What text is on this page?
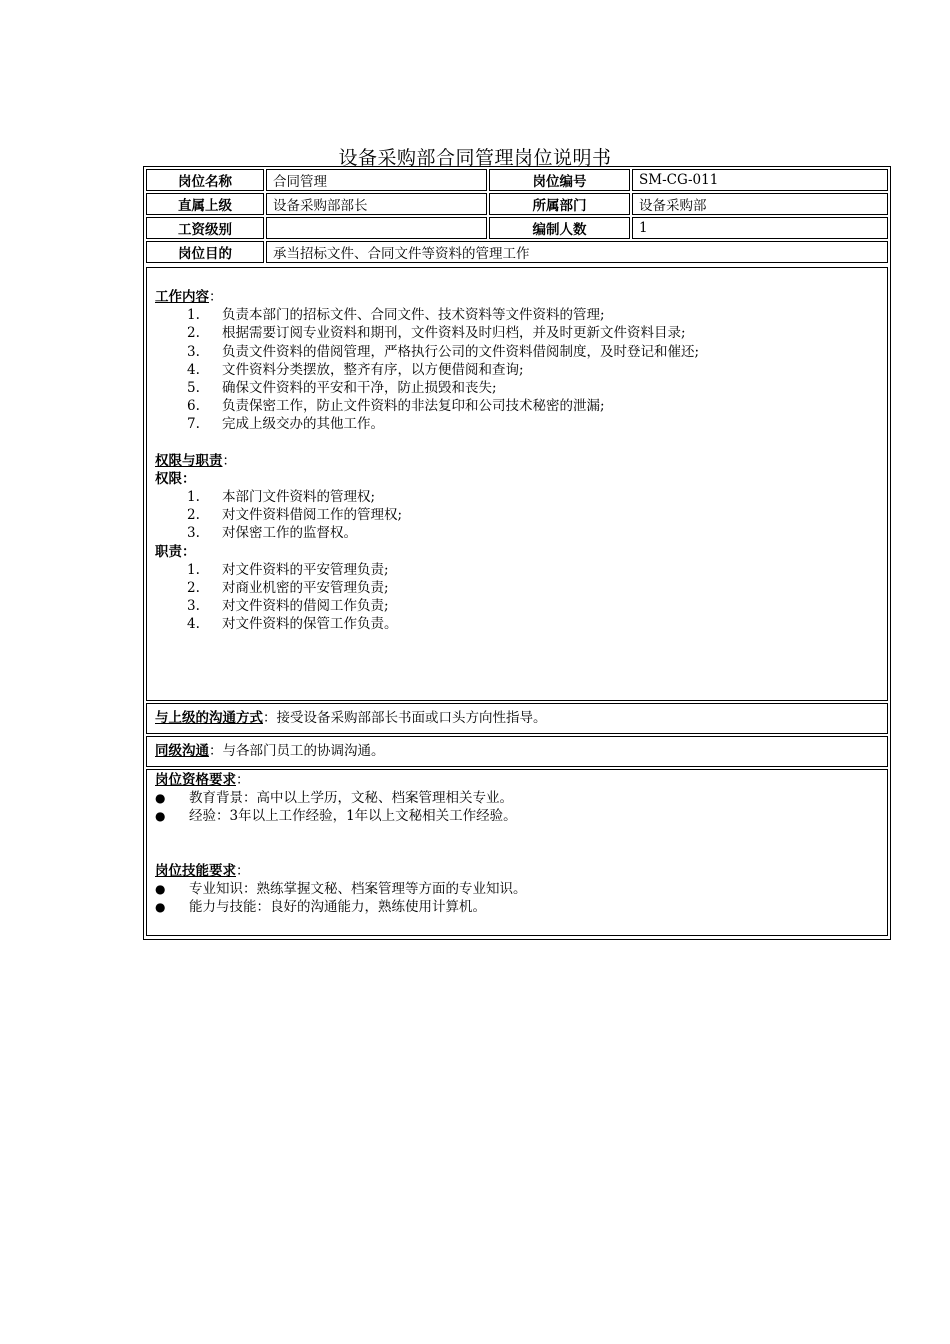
设备采购部合同管理岗位说明书
岗位名称	合同管理	岗位编号	SM-CG-011
直属上级	设备采购部部长	所属部门	设备采购部
工资级别		编制人数	1
岗位目的	承当招标文件、合同文件等资料的管理工作		
工作内容：
1. 负责本部门的招标文件、合同文件、技术资料等文件资料的管理;
2. 根据需要订阅专业资料和期刊，文件资料及时归档，并及时更新文件资料目录;
3. 负责文件资料的借阅管理，严格执行公司的文件资料借阅制度，及时登记和催还;
4. 文件资料分类摆放，整齐有序，以方便借阅和查询;
5. 确保文件资料的平安和干净，防止损毁和丧失;
6. 负责保密工作，防止文件资料的非法复印和公司技术秘密的泄漏;
7. 完成上级交办的其他工作。
权限与职责：
权限：
1. 本部门文件资料的管理权;
2. 对文件资料借阅工作的管理权;
3. 对保密工作的监督权。
职责：
1. 对文件资料的平安管理负责;
2. 对商业机密的平安管理负责;
3. 对文件资料的借阅工作负责;
4. 对文件资料的保管工作负责。
与上级的沟通方式 ： 接受设备采购部部长书面或口头方向性指导。
同级沟通 ： 与各部门员工的协调沟通。
岗位资格要求：
● 教育背景：高中以上学历，文秘、档案管理相关专业。
● 经验：3年以上工作经验，1年以上文秘相关工作经验。
岗位技能要求：
● 专业知识：熟练掌握文秘、档案管理等方面的专业知识。
● 能力与技能：良好的沟通能力，熟练使用计算机。
